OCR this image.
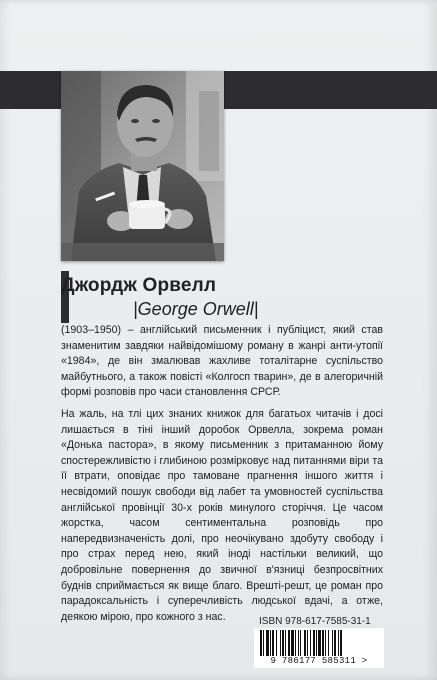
Джордж Орвелл
|George Orwell|

(1903–1950) – англійський письменник і публіцист, який став знаменитим завдяки найвідомішому роману в жанрі анти-утопії «1984», де він змалював жахливе тоталітарне суспільство майбутнього, а також повісті «Колгосп тварин», де в алегоричній формі розповів про часи становлення СРСР.

На жаль, на тлі цих знаних книжок для багатьох читачів і досі лишається в тіні інший доробок Орвелла, зокрема роман «Донька пастора», в якому письменник з притаманною йому спостережливістю і глибиною розмірковує над питаннями віри та її втрати, оповідає про тамоване прагнення іншого життя і несвідомий пошук свободи від лабет та умовностей суспільства англійської провінції 30-х років минулого сторіччя. Це часом жорстка, часом сентиментальна розповідь про напередвизначеність долі, про неочікувано здобуту свободу і про страх перед нею, який іноді настільки великий, що добровільне повернення до звичної в'язниці безпросвітних буднів сприймається як вище благо. Врешті-решт, це роман про парадоксальність і суперечливість людської вдачі, а отже, деякою мірою, про кожного з нас.	ISBN 978-617-7585-31-1
9 786177 585311 >
